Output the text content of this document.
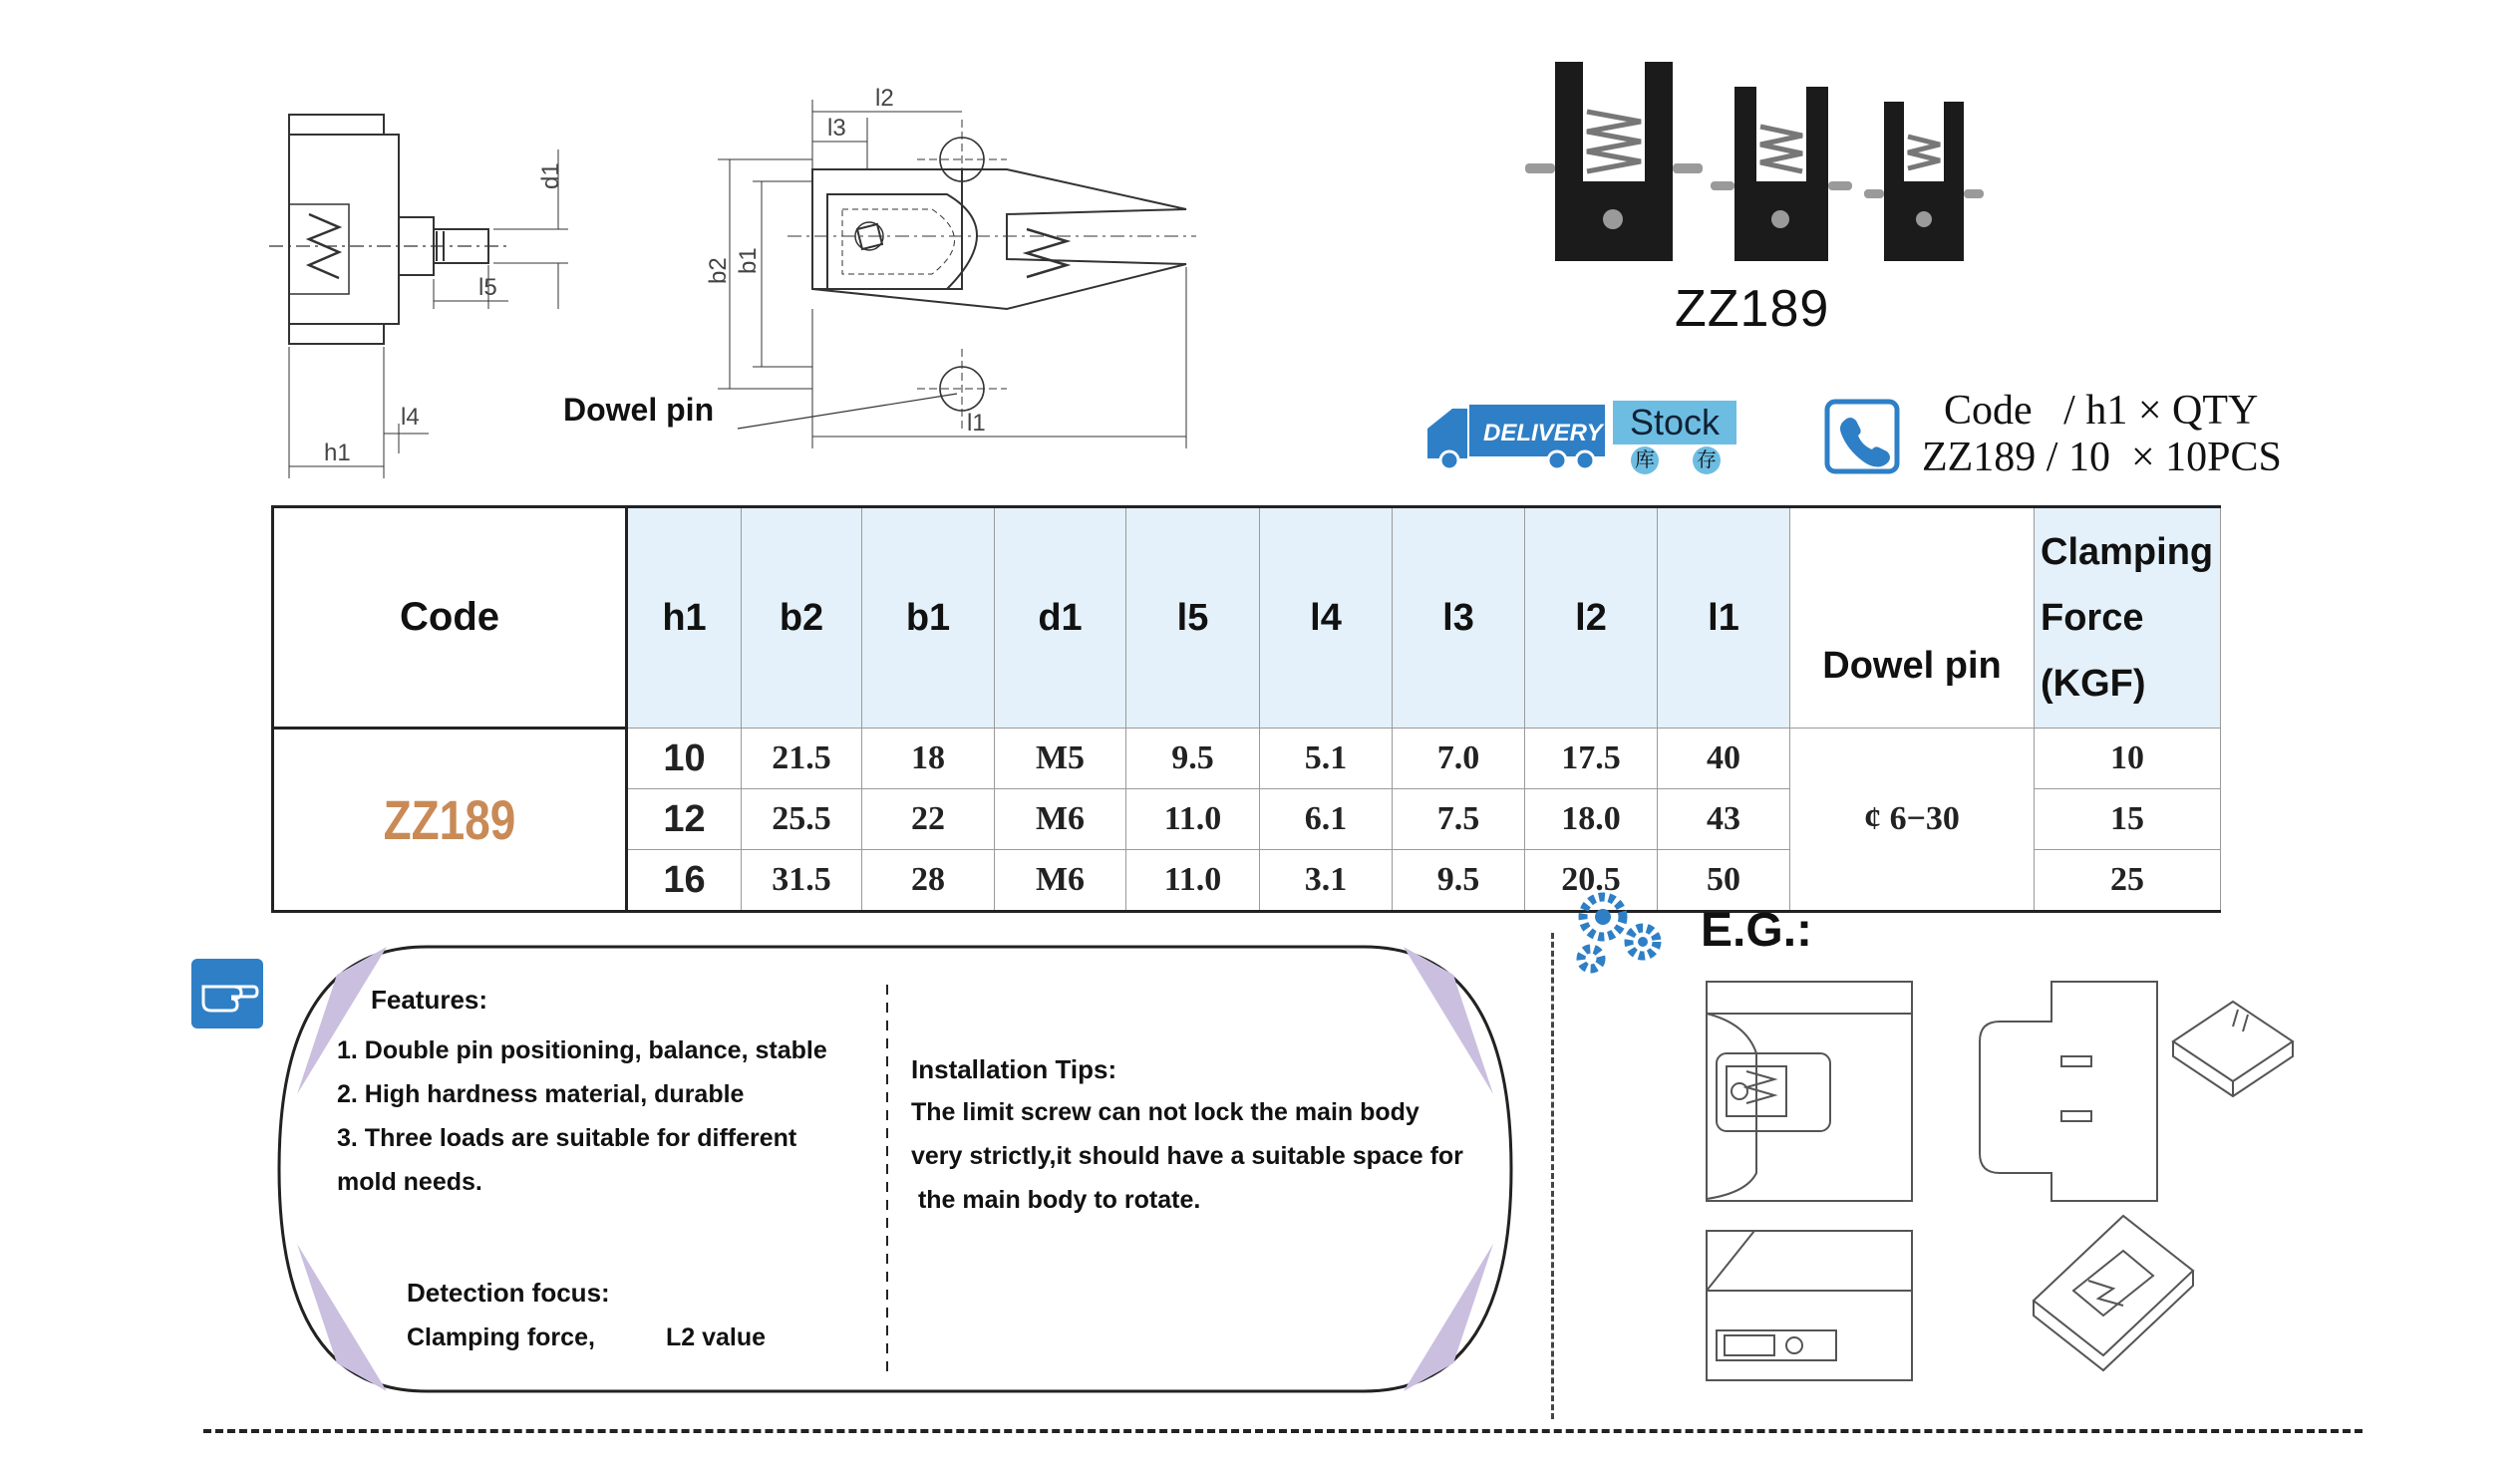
d1
l5
l4
h1
l2
l3
b2 b1
l1
Dowel pin
ZZ189
DELIVERY Stock
库 存
Code   / h1 × QTY
ZZ189 / 10  × 10PCS
Code	h1	b2	b1	d1	l5	l4	l3	l2	l1	Dowel pin	Clamping
Force
(KGF)

ZZ189	10	21.5	18	M5	9.5	5.1	7.0	17.5	40	¢ 6−30	10
	12	25.5	22	M6	11.0	6.1	7.5	18.0	43		15
	16	31.5	28	M6	11.0	3.1	9.5	20.5	50		25
Features:
1. Double pin positioning, balance, stable
2. High hardness material, durable
3. Three loads are suitable for different
mold needs.
Detection focus:
Clamping force,	L2 value
Installation Tips:
The limit screw can not lock the main body
very strictly,it should have a suitable space for
the main body to rotate.
E.G.:
